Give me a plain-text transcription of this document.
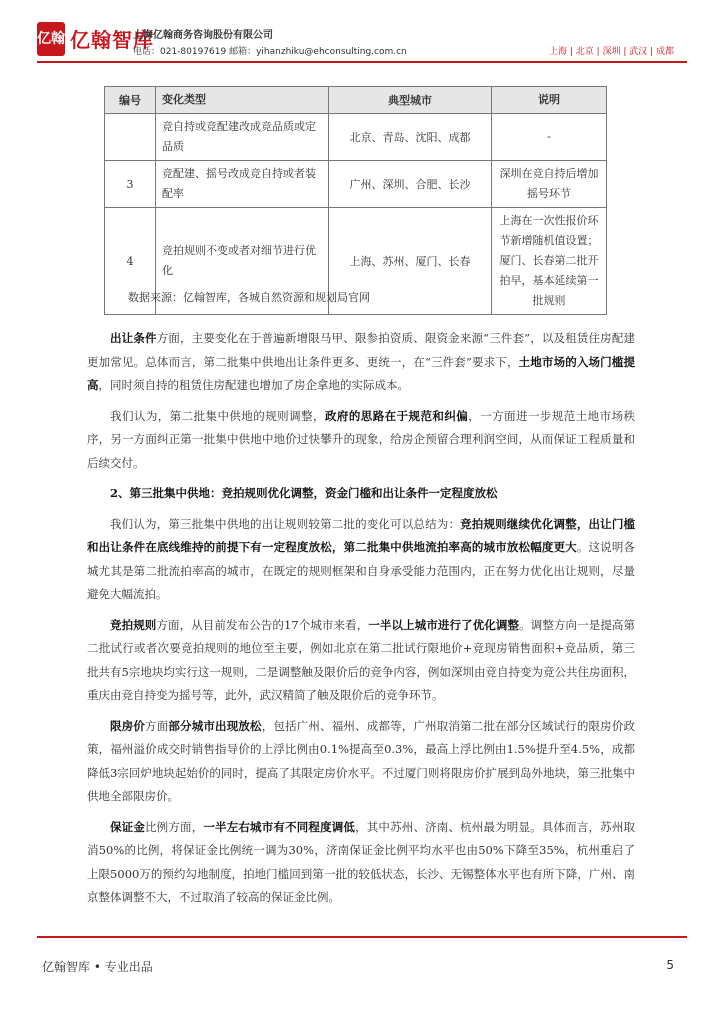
亿翰 亿翰智库
上海亿翰商务咨询股份有限公司
电话：021-80197619 邮箱：yihanzhiku@ehconsulting.com.cn	上海 | 北京 | 深圳 | 武汉 | 成都
编号	变化类型	典型城市	说明
	竞自持或竞配建改成竞品质或定品质	北京、青岛、沈阳、成都	-
3	竞配建、摇号改成竞自持或者装配率	广州、深圳、合肥、长沙	深圳在竞自持后增加摇号环节
4	竞拍规则不变或者对细节进行优化	上海、苏州、厦门、长春	上海在一次性报价环节新增随机值设置；厦门、长春第二批开拍早，基本延续第一批规则
数据来源：亿翰智库，各城自然资源和规划局官网

出让条件方面，主要变化在于普遍新增限马甲、限参拍资质、限资金来源“三件套”，以及租赁住房配建更加常见。总体而言，第二批集中供地出让条件更多、更统一，在“三件套”要求下，土地市场的入场门槛提高，同时须自持的租赁住房配建也增加了房企拿地的实际成本。

我们认为，第二批集中供地的规则调整，政府的思路在于规范和纠偏，一方面进一步规范土地市场秩序，另一方面纠正第一批集中供地中地价过快攀升的现象，给房企预留合理利润空间，从而保证工程质量和后续交付。

2、第三批集中供地：竞拍规则优化调整，资金门槛和出让条件一定程度放松

我们认为，第三批集中供地的出让规则较第二批的变化可以总结为：竞拍规则继续优化调整，出让门槛和出让条件在底线维持的前提下有一定程度放松，第二批集中供地流拍率高的城市放松幅度更大。这说明各城尤其是第二批流拍率高的城市，在既定的规则框架和自身承受能力范围内，正在努力优化出让规则，尽量避免大幅流拍。

竞拍规则方面，从目前发布公告的17个城市来看，一半以上城市进行了优化调整。调整方向一是提高第二批试行或者次要竞拍规则的地位至主要，例如北京在第二批试行限地价+竞现房销售面积+竞品质，第三批共有5宗地块均实行这一规则，二是调整触及限价后的竞争内容，例如深圳由竞自持变为竞公共住房面积，重庆由竞自持变为摇号等，此外，武汉精简了触及限价后的竞争环节。

限房价方面部分城市出现放松，包括广州、福州、成都等，广州取消第二批在部分区域试行的限房价政策，福州溢价成交时销售指导价的上浮比例由0.1%提高至0.3%，最高上浮比例由1.5%提升至4.5%，成都降低3宗回炉地块起始价的同时，提高了其限定房价水平。不过厦门则将限房价扩展到岛外地块，第三批集中供地全部限房价。

保证金比例方面，一半左右城市有不同程度调低，其中苏州、济南、杭州最为明显。具体而言，苏州取消50%的比例，将保证金比例统一调为30%，济南保证金比例平均水平也由50%下降至35%，杭州重启了上限5000万的预约勾地制度，拍地门槛回到第一批的较低状态，长沙、无锡整体水平也有所下降，广州、南京整体调整不大，不过取消了较高的保证金比例。

亿翰智库 • 专业出品	5
